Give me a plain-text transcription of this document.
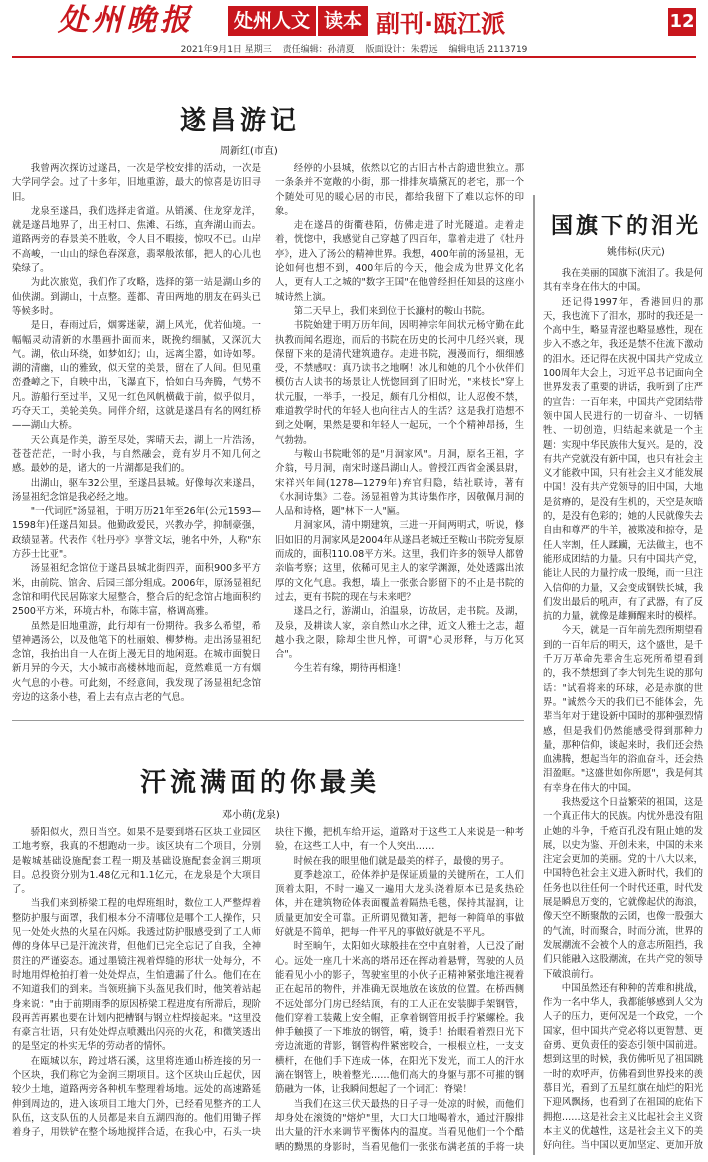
处州晚报	处州人文 读本 副刊·瓯江派	12
2021年9月1日 星期三 责任编辑：孙清夏 版面设计：朱碧远 编辑电话 2113719
遂昌游记
周新红(市直)

我曾两次探访过遂昌，一次是学校安排的活动，一次是大学同学会。过了十多年，旧地重游，最大的惊喜是访旧寻旧。

龙泉至遂昌，我们选择走省道。从销溪、住龙穿龙洋，就是遂昌地界了，出王村口、焦滩、石练，直奔湖山而去。道路两旁的春景美不胜收，令人目不暇接，惊叹不已。山岸不高峻，一山山的绿色春深意，翡翠般浓郁，把人的心儿也染绿了。

为此次旅览，我们作了攻略，选择的第一站是湖山乡的仙侠湖。到湖山，十点整。莲都、青田两地的朋友在码头已等候多时。

是日，春雨过后，烟雾迷蒙，湖上风光，优若仙境。一幅幅灵动清新的水墨画扑面而来，既挽约细腻，又深沉大气。湖，依山环绕，如梦如幻；山，远离尘嚣，如诗如琴。湖的清幽，山的雅致，似天堂的美景，留在了人间。但见重峦叠嶂之下，自映中出，飞瀑直下，恰如白马奔腾，气势不凡。游船行至过半，又见一红色风帆横截于前，似乎似月，巧夺天工，美轮美奂。同伴介绍，这就是遂昌有名的网红桥——湖山大桥。

天公真是作美，游至尽处，霁晴天去，湖上一片浩汤，苍苍茫茫，一时小我，与自然融会，竟有岁月不知几何之感。最妙的是，诸大的一片湖都是我们的。

出湖山，驱车32公里，至遂昌县城。好像每次来遂昌，汤显祖纪念馆是我必经之地。

"一代词匠"汤显祖，于明万历21年至26年(公元1593—1598年)任遂昌知县。他勤政爱民，兴教办学，抑制豪强，政绩显著。代表作《牡丹亭》享誉文坛，驰名中外，人称"东方莎士比亚"。

汤显祖纪念馆位于遂昌县城北街四弄，面积900多平方米，由前院、馆舍、后园三部分组成。2006年，原汤显祖纪念馆和明代民居陈家大屋整合，整合后的纪念馆占地面积约2500平方米，环境古朴，布陈丰富，格调高雅。

虽然是旧地重游，此行却有一份期待。我多么希望，希望神遇汤公，以及他笔下的杜丽娘、柳梦梅。走出汤显祖纪念馆，我抬出自一人在街上漫无目的地闲逛。在城市面貌日新月异的今天，大小城市高楼林地而起，竟然难觅一方有烟火气息的小巷。可此刻，不经意间，我发现了汤显祖纪念馆旁边的这条小巷，看上去有点古老的气息。

经停的小县城，依然以它的古旧古朴古韵遗世独立。那一条条并不宽敞的小街，那一排排灰墙黛瓦的老宅，那一个个随处可见的暖心居的市民，都给我留下了难以忘怀的印象。

走在遂昌的街衢巷陌，仿佛走进了时光隧道。走着走着，恍惚中，我感觉自己穿越了四百年，靠着走进了《牡丹亭》，进入了汤公的精神世界。我想，400年前的汤显祖，无论如何也想不到，400年后的今天，他会成为世界文化名人，更有人工之城的"数字王国"在他曾经担任知县的这座小城诗然上演。

第二天早上，我们来到位于长濂村的鞍山书院。

书院始建于明万历年间，因明神宗年间状元杨守勤在此执教而闻名遐迩，而后的书院在历史的长河中几经兴衰，现保留下来的是清代建筑遗存。走进书院，漫漫而行，细细感受，不禁感叹：真乃读书之地啊！冰儿和她的几个小伙伴们模仿古人读书的场景让人恍惚回到了旧时光，"来枝长"穿上状元服，一举手，一投足，颇有几分相似，让人忍俊不禁，难道教学时代的年轻人也向往古人的生活？这是我打造想不到之处啊，果然是要和年轻人一起玩，一个个精神昂扬，生气勃勃。

与鞍山书院毗邻的是"月洞家风"。月洞，原名王祖，字介翁，号月洞，南宋时遂昌湖山人。曾授江西省金溪县尉，宋祥兴年间(1278—1279年)弃官归隐，结社联诗，著有《水洞诗集》二卷。汤显祖曾为其诗集作序，因敬佩月洞的人品和诗格，题"林下一人"匾。

月洞家风，清中期建筑，三进一开间两明式，听说，修旧如旧的月洞家风是2004年从遂昌老城迁至鞍山书院旁复原而成的，面积110.08平方米。这里，我们许多的领导人都曾亲临考察；这里，依稀可见主人的家学渊源，处处透露出浓厚的文化气息。我想，墙上一张张合影留下的不止是书院的过去，更有书院的现在与未来吧？

遂昌之行，游湖山，泊温泉，访故居，走书院。及湖，及泉，及耕读人家，亲自然山水之律，近文人雅士之志，超越小我之限，除却尘世凡悴，可谓"心灵形释，与万化冥合"。

今生若有缘，期待再相逢！

汗流满面的你最美
邓小萌(龙泉)

骄阳似火，烈日当空。如果不是要到塔石区块工业园区工地考察，我真的不想跑动一步。该区块有二个项目，分别是鞍城基础设施配套工程一期及基础设施配套金润三期项目。总投资分别为1.48亿元和1.1亿元，在龙泉是个大项目了。

当我们来到桥梁工程的电焊班组时，数位工人严整焊着整防护服与面罩，我们根本分不清哪位是哪个工人操作，只见一处处火热的火星在闪烁。我透过防护服感受到了工人师傅的身体早已是汗流浃背，但他们已完全忘记了自我，全神贯注的严谨姿态。通过墨镜注视着焊缝的形状一处每分，不时地用焊枪拍打着一处处焊点，生怕遗漏了什么。他们在在不知道我们的到来。当领班摘下头盔见我们时，他笑着站起身来说："由于前期雨季的原因桥梁工程进度有所滞后，现阶段再苦再累也要在计划内把槽钢与钢立柱焊接起来。"这里没有豪言壮语，只有处处焊点喷溅出闪亮的火花，和微笑透出的是坚定的朴实无华的劳动者的情怀。

在瓯城以东，跨过塔石溪，这里将连通山桥连接的另一个区块，我们称它为金润三期项目。这个区块山丘起伏，因较少土地，道路两旁各种机车整理着场地。远处的高速路延伸到周边的，进入该项目工地大门外，已经看见整齐的工人队伍，这支队伍的人员都是来自五湖四海的。他们用锄子挥着身子，用铁铲在整个场地搅拌合适，在我心中，石头一块块往下搬，把机车给开运，道路对于这些工人来说是一种考验，在这些工人中，有一个人突出……

时候在我的眼里他们就是最美的样子，最傻的男子。

夏季趁凉工，砼体养护是保证质量的关键所在，工人们顶着太阳，不时一遍又一遍用大龙头浇着原本已是炙热砼体，并在建筑物砼体表面覆盖着隔热毛毯，保持其湿润，让质量更加安全可靠。正所谓见微知著，把每一种简单的事做好就是不简单，把每一件平凡的事做好就是不平凡。

时至晌午，太阳如火球般挂在空中直射着，人已没了耐心。远处一座几十米高的塔吊还在挥动着悬臂，驾驶的人员能看见小小的影子，驾驶室里的小伙子正精神紧张地注视着正在起吊的物件，并准确无误地放在该放的位置。在桥西侧不远处部分门房已经结顶，有的工人正在安装脚手架钢管，他们穿着工装戴上安全帽，正拿着钢管用扳手拧紧螺栓。我伸手触摸了一下堆放的钢管，嗬，烫手！抬眼看着烈日光下旁边流逝的背影，钢管构件紧密咬合，一根根立柱，一支支横杆，在他们手下连成一体，在阳光下发光，而工人的汗水滴在钢管上，映着整光……他们高大的身躯与那不可摧的钢筋融为一体，让我瞬间想起了一个词汇：脊梁！

当我们在这三伏天最热的日子寻一处凉的时候，而他们却身处在滚烫的"熔炉"里，大口大口地喝着水，通过汗腺排出大量的汗水来调节平衡体内的温度。当看见他们一个个酷晒的黝黑的身影时，当看见他们一张张布满老茧的手将一块

国旗下的泪光
姚伟标(庆元)

我在美丽的国旗下流泪了。我是何其有幸身在伟大的中国。

还记得1997年，香港回归的那天，我也流下了泪水，那时的我还是一个高中生，略显青涩也略显感性，现在步入不惑之年，我还是禁不住流下激动的泪水。还记得在庆祝中国共产党成立100周年大会上，习近平总书记面向全世界发表了重要的讲话，我听到了庄严的宣告：一百年来，中国共产党团结带领中国人民进行的一切奋斗、一切牺牲、一切创造，归结起来就是一个主题：实现中华民族伟大复兴。是的，没有共产党就没有新中国，也只有社会主义才能救中国，只有社会主义才能发展中国！没有共产党领导的旧中国，大地是贫瘠的，是没有生机的，天空是灰暗的，是没有色彩的；她的人民就像失去自由和尊严的牛羊，被欺凌和掠夺，是任人宰割，任人蹂躏，无法做主，也不能形成团结的力量。只有中国共产党，能让人民的力量拧成一股绳，而一旦注入信仰的力量，又会变成钢铁长城，我们发出最后的吼声，有了武器，有了反抗的力量，就像是雄狮醒来时的模样。

今天，就是一百年前先烈所期望看到的一百年后的明天，这个盛世，是千千万万革命先辈舍生忘死所希望看到的，我不禁想到了李大钊先生说的那句话："试看将来的环球，必是赤旗的世界。"诚然今天的我们已不能体会，先辈当年对于建设新中国时的那种强烈情感，但是我们仍然能感受得到那种力量，那种信仰，谈起来时，我们还会热血沸腾，想起当年的浴血奋斗，还会热泪盈眶。"这盛世如你所愿"，我是何其有幸身在伟大的中国。

我热爱这个日益繁荣的祖国，这是一个真正伟大的民族。内忧外患没有阻止她的斗争，千疮百孔没有阻止她的发展，以史为鉴、开创未来，中国的未来注定会更加的美丽。党的十八大以来，中国特色社会主义进入新时代，我们的任务也以往任何一个时代还重，时代发展是瞬息万变的，它就像起伏的海浪，像天空不断聚散的云团，也像一股强大的气流，时而聚合，时而分流，世界的发展潮流不会被个人的意志所阻挡，我们只能融入这股潮流，在共产党的领导下破浪前行。

中国虽然还有种种的苦难和挑战，作为一名中华人，我都能够感到人父为人子的压力，更何况是一个政党，一个国家，但中国共产党必将以更智慧、更奋勇、更负责任的姿态引领中国前进。想到这里的时候，我仿佛听见了祖国跳一时的欢呼声，仿佛看到世界投来的羡慕目光，看到了五星红旗在灿烂的阳光下迎风飘扬，也看到了在祖国的庇佑下拥抱……这是社会主义比起社会主义资本主义的优越性，这是社会主义下的美好向往。当中国以更加坚定、更加开放
